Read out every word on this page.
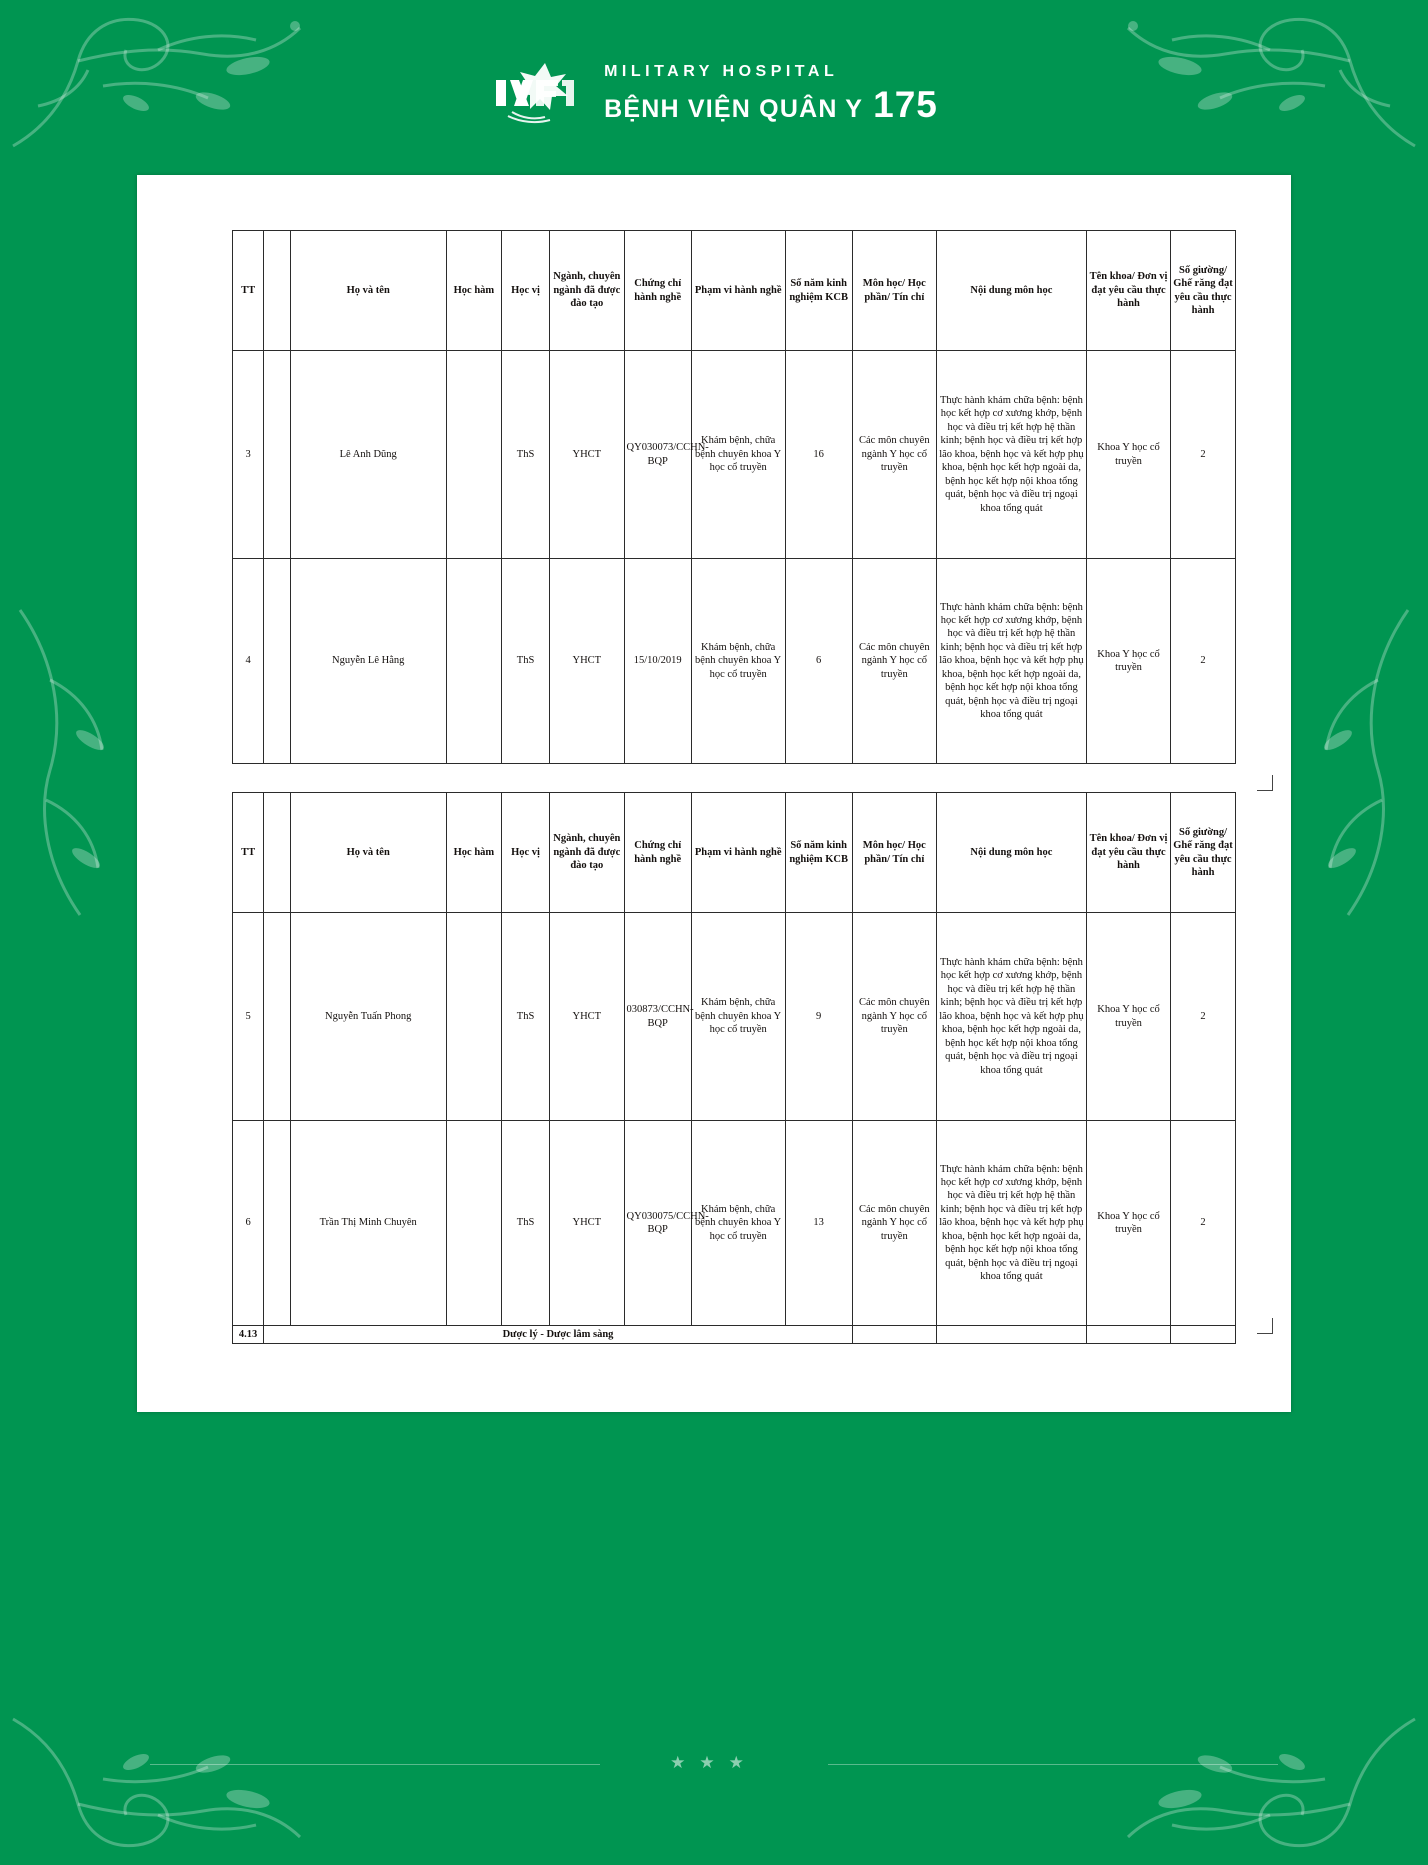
MILITARY HOSPITAL
BỆNH VIỆN QUÂN Y 175
TT		Họ và tên	Học hàm	Học vị	Ngành, chuyên ngành đã được đào tạo	Chứng chỉ hành nghề	Phạm vi hành nghề	Số năm kinh nghiệm KCB	Môn học/ Học phần/ Tín chỉ	Nội dung môn học	Tên khoa/ Đơn vị đạt yêu cầu thực hành	Số giường/ Ghế răng đạt yêu cầu thực hành
3		Lê Anh Dũng		ThS	YHCT	QY030073/CCHN-BQP	Khám bệnh, chữa bệnh chuyên khoa Y học cổ truyền	16	Các môn chuyên ngành Y học cổ truyền	Thực hành khám chữa bệnh: bệnh học kết hợp cơ xương khớp, bệnh học và điều trị kết hợp hệ thần kinh; bệnh học và điều trị kết hợp lão khoa, bệnh học và kết hợp phụ khoa, bệnh học kết hợp ngoài da, bệnh học kết hợp nội khoa tổng quát, bệnh học và điều trị ngoại khoa tổng quát	Khoa Y học cổ truyền	2
4		Nguyễn Lê Hằng		ThS	YHCT	15/10/2019	Khám bệnh, chữa bệnh chuyên khoa Y học cổ truyền	6	Các môn chuyên ngành Y học cổ truyền	Thực hành khám chữa bệnh: bệnh học kết hợp cơ xương khớp, bệnh học và điều trị kết hợp hệ thần kinh; bệnh học và điều trị kết hợp lão khoa, bệnh học và kết hợp phụ khoa, bệnh học kết hợp ngoài da, bệnh học kết hợp nội khoa tổng quát, bệnh học và điều trị ngoại khoa tổng quát	Khoa Y học cổ truyền	2
TT		Họ và tên	Học hàm	Học vị	Ngành, chuyên ngành đã được đào tạo	Chứng chỉ hành nghề	Phạm vi hành nghề	Số năm kinh nghiệm KCB	Môn học/ Học phần/ Tín chỉ	Nội dung môn học	Tên khoa/ Đơn vị đạt yêu cầu thực hành	Số giường/ Ghế răng đạt yêu cầu thực hành
5		Nguyễn Tuấn Phong		ThS	YHCT	030873/CCHN-BQP	Khám bệnh, chữa bệnh chuyên khoa Y học cổ truyền	9	Các môn chuyên ngành Y học cổ truyền	Thực hành khám chữa bệnh: bệnh học kết hợp cơ xương khớp, bệnh học và điều trị kết hợp hệ thần kinh; bệnh học và điều trị kết hợp lão khoa, bệnh học và kết hợp phụ khoa, bệnh học kết hợp ngoài da, bệnh học kết hợp nội khoa tổng quát, bệnh học và điều trị ngoại khoa tổng quát	Khoa Y học cổ truyền	2
6		Trần Thị Minh Chuyên		ThS	YHCT	QY030075/CCHN-BQP	Khám bệnh, chữa bệnh chuyên khoa Y học cổ truyền	13	Các môn chuyên ngành Y học cổ truyền	Thực hành khám chữa bệnh: bệnh học kết hợp cơ xương khớp, bệnh học và điều trị kết hợp hệ thần kinh; bệnh học và điều trị kết hợp lão khoa, bệnh học và kết hợp phụ khoa, bệnh học kết hợp ngoài da, bệnh học kết hợp nội khoa tổng quát, bệnh học và điều trị ngoại khoa tổng quát	Khoa Y học cổ truyền	2
4.13	Dược lý - Dược lâm sàng											
★★★
